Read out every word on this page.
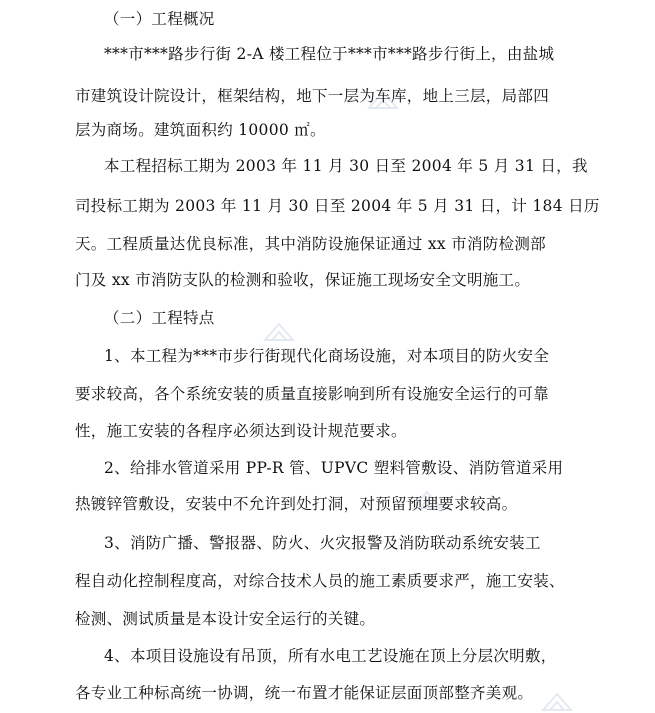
（一）工程概况
***市***路步行街 2-A 楼工程位于***市***路步行街上，由盐城
市建筑设计院设计，框架结构，地下一层为车库，地上三层，局部四
层为商场。建筑面积约 10000 ㎡。
本工程招标工期为 2003 年 11 月 30 日至 2004 年 5 月 31 日，我
司投标工期为 2003 年 11 月 30 日至 2004 年 5 月 31 日，计 184 日历
天。工程质量达优良标准，其中消防设施保证通过 xx 市消防检测部
门及 xx 市消防支队的检测和验收，保证施工现场安全文明施工。
（二）工程特点
1、本工程为***市步行街现代化商场设施，对本项目的防火安全
要求较高，各个系统安装的质量直接影响到所有设施安全运行的可靠
性，施工安装的各程序必须达到设计规范要求。
2、给排水管道采用 PP-R 管、UPVC 塑料管敷设、消防管道采用
热镀锌管敷设，安装中不允许到处打洞，对预留预埋要求较高。
3、消防广播、警报器、防火、火灾报警及消防联动系统安装工
程自动化控制程度高，对综合技术人员的施工素质要求严，施工安装、
检测、测试质量是本设计安全运行的关键。
4、本项目设施设有吊顶，所有水电工艺设施在顶上分层次明敷，
各专业工种标高统一协调，统一布置才能保证层面顶部整齐美观。
